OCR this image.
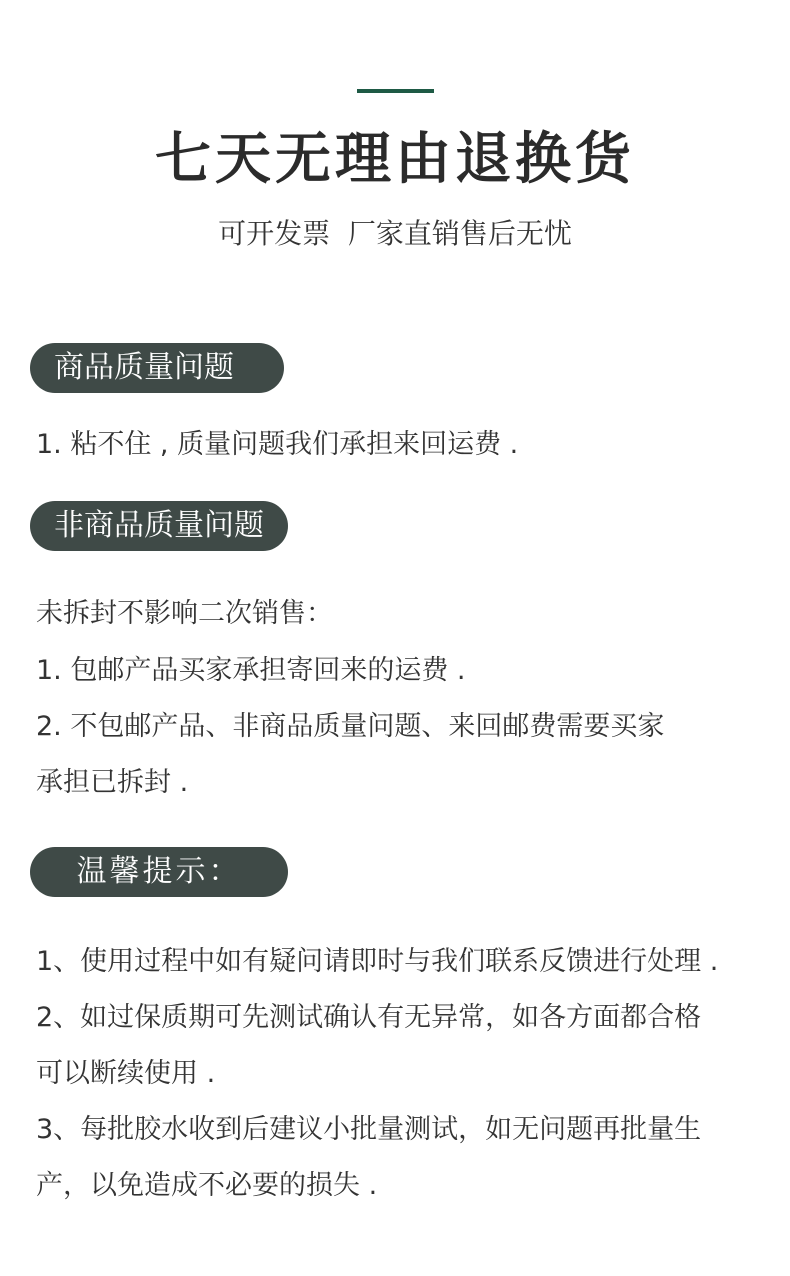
七天无理由退换货
可开发票  厂家直销售后无忧
商品质量问题
1. 粘不住 , 质量问题我们承担来回运费 .
非商品质量问题
未拆封不影响二次销售：
1. 包邮产品买家承担寄回来的运费 .
2. 不包邮产品、非商品质量问题、来回邮费需要买家
承担已拆封 .
温馨提示：
1、使用过程中如有疑问请即时与我们联系反馈进行处理 .
2、如过保质期可先测试确认有无异常，如各方面都合格
可以断续使用 .
3、每批胶水收到后建议小批量测试，如无问题再批量生
产，以免造成不必要的损失 .
